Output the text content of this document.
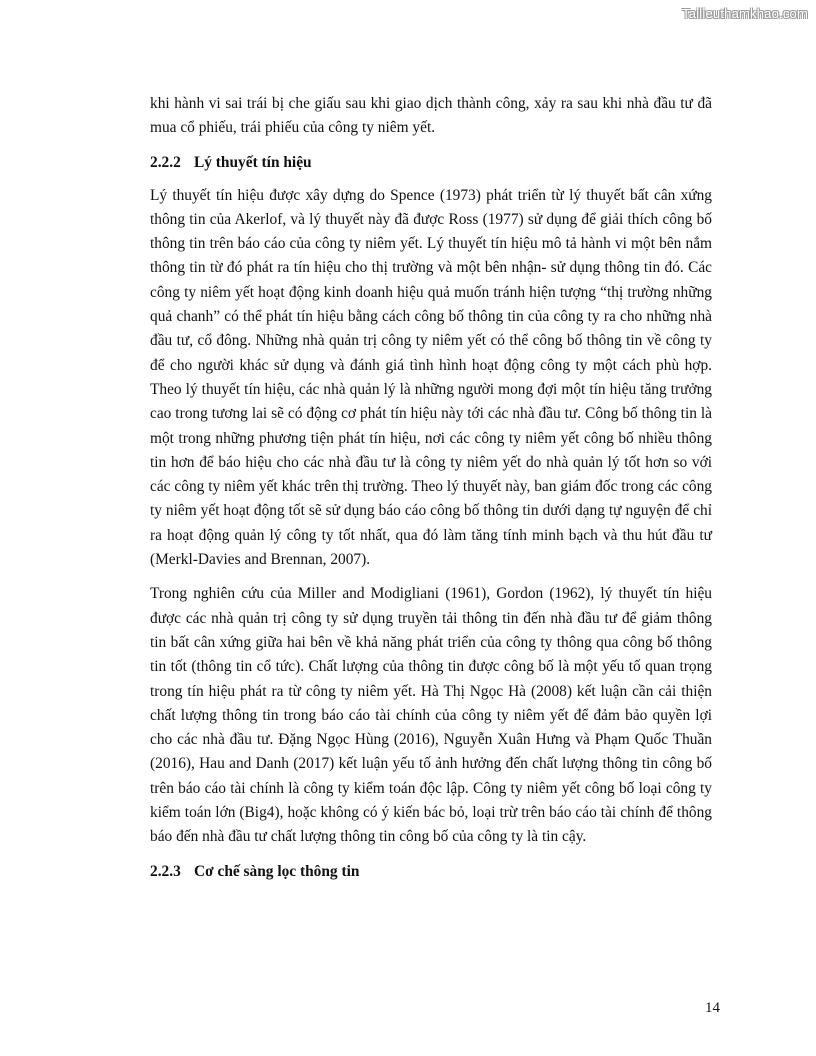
Tailieuthamkhao.com

khi hành vi sai trái bị che giấu sau khi giao dịch thành công, xảy ra sau khi nhà đầu tư đã mua cổ phiếu, trái phiếu của công ty niêm yết.

2.2.2 Lý thuyết tín hiệu

Lý thuyết tín hiệu được xây dựng do Spence (1973) phát triển từ lý thuyết bất cân xứng thông tin của Akerlof, và lý thuyết này đã được Ross (1977) sử dụng để giải thích công bố thông tin trên báo cáo của công ty niêm yết. Lý thuyết tín hiệu mô tả hành vi một bên nắm thông tin từ đó phát ra tín hiệu cho thị trường và một bên nhận- sử dụng thông tin đó. Các công ty niêm yết hoạt động kinh doanh hiệu quả muốn tránh hiện tượng “thị trường những quả chanh” có thể phát tín hiệu bằng cách công bố thông tin của công ty ra cho những nhà đầu tư, cổ đông. Những nhà quản trị công ty niêm yết có thể công bố thông tin về công ty để cho người khác sử dụng và đánh giá tình hình hoạt động công ty một cách phù hợp. Theo lý thuyết tín hiệu, các nhà quản lý là những người mong đợi một tín hiệu tăng trưởng cao trong tương lai sẽ có động cơ phát tín hiệu này tới các nhà đầu tư. Công bố thông tin là một trong những phương tiện phát tín hiệu, nơi các công ty niêm yết công bố nhiều thông tin hơn để báo hiệu cho các nhà đầu tư là công ty niêm yết do nhà quản lý tốt hơn so với các công ty niêm yết khác trên thị trường. Theo lý thuyết này, ban giám đốc trong các công ty niêm yết hoạt động tốt sẽ sử dụng báo cáo công bố thông tin dưới dạng tự nguyện để chỉ ra hoạt động quản lý công ty tốt nhất, qua đó làm tăng tính minh bạch và thu hút đầu tư (Merkl-Davies and Brennan, 2007).

Trong nghiên cứu của Miller and Modigliani (1961), Gordon (1962), lý thuyết tín hiệu được các nhà quản trị công ty sử dụng truyền tải thông tin đến nhà đầu tư để giảm thông tin bất cân xứng giữa hai bên về khả năng phát triển của công ty thông qua công bố thông tin tốt (thông tin cổ tức). Chất lượng của thông tin được công bố là một yếu tố quan trọng trong tín hiệu phát ra từ công ty niêm yết. Hà Thị Ngọc Hà (2008) kết luận cần cải thiện chất lượng thông tin trong báo cáo tài chính của công ty niêm yết để đảm bảo quyền lợi cho các nhà đầu tư. Đặng Ngọc Hùng (2016), Nguyễn Xuân Hưng và Phạm Quốc Thuần (2016), Hau and Danh (2017) kết luận yếu tố ảnh hưởng đến chất lượng thông tin công bố trên báo cáo tài chính là công ty kiểm toán độc lập. Công ty niêm yết công bố loại công ty kiểm toán lớn (Big4), hoặc không có ý kiến bác bỏ, loại trừ trên báo cáo tài chính để thông báo đến nhà đầu tư chất lượng thông tin công bố của công ty là tin cậy.

2.2.3 Cơ chế sàng lọc thông tin
14
